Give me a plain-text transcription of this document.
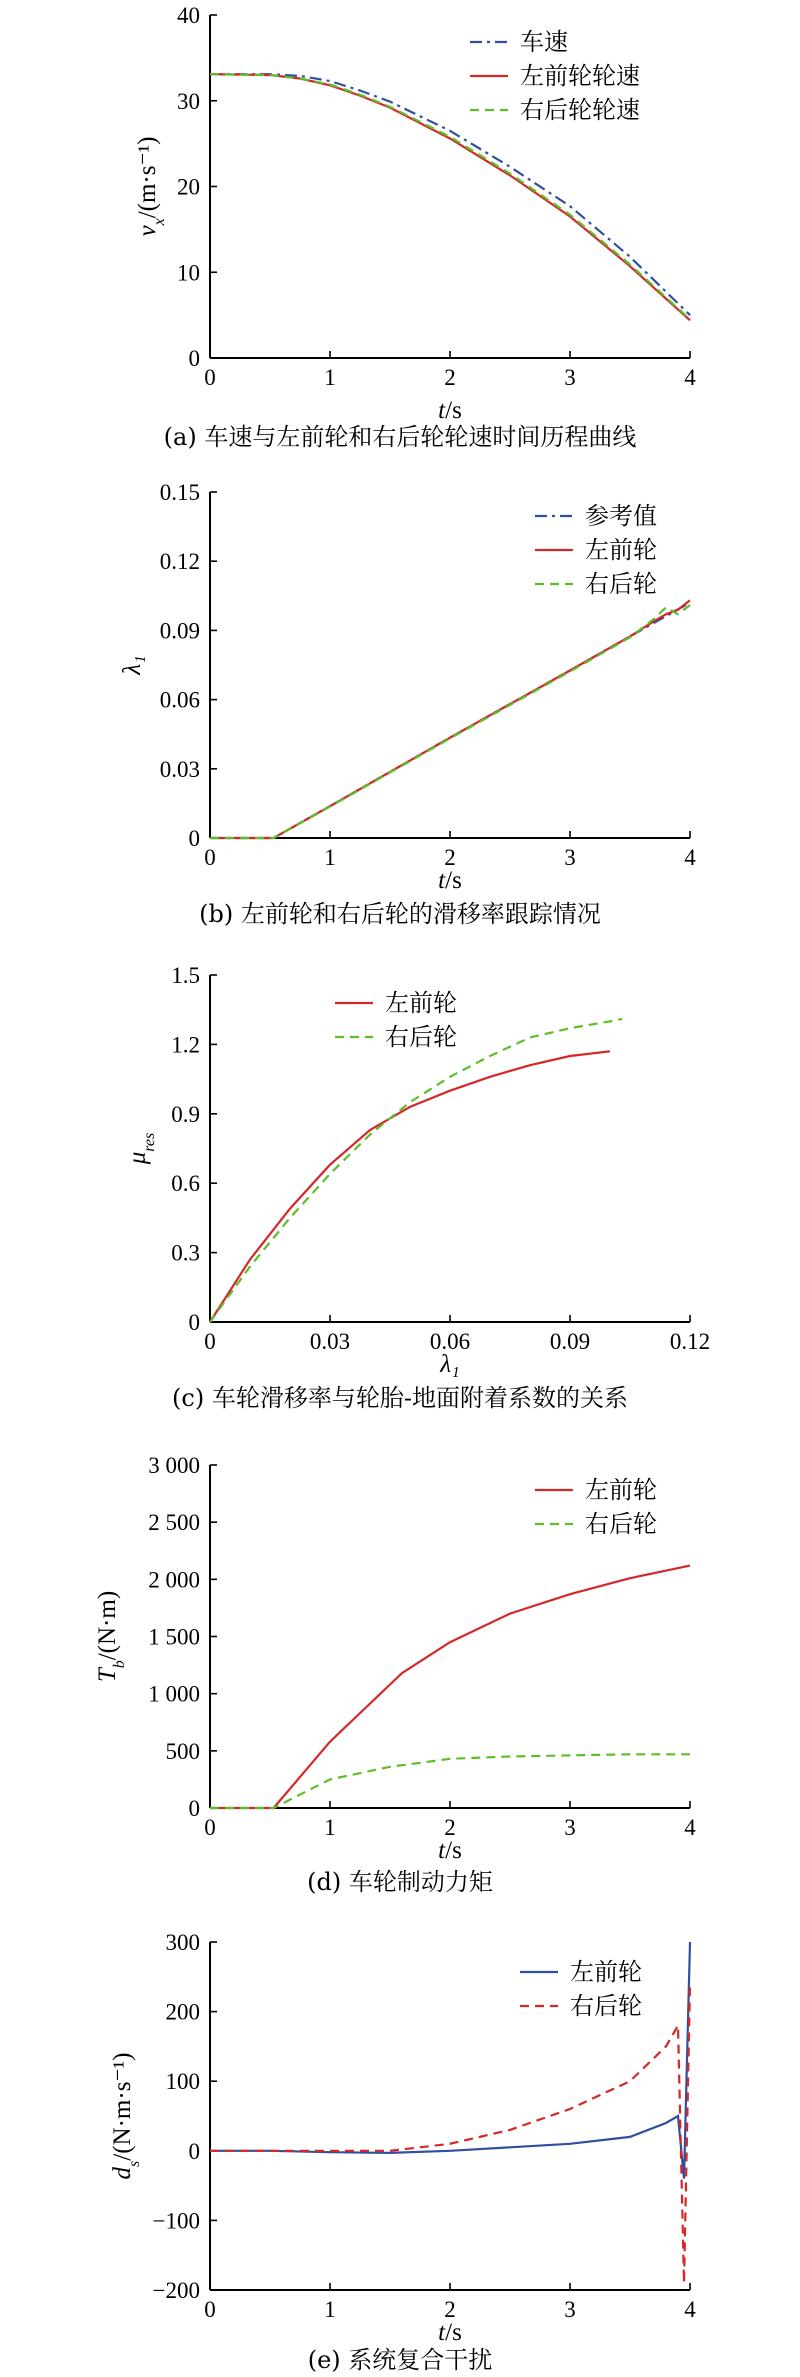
0	1	2	3	4
0
10
20
30
40
t/s
$v_x/(m\cdot s^{-1})$
车速
左前轮轮速
右后轮轮速
(a) 车速与左前轮和右后轮轮速时间历程曲线
0	1	2	3	4
0
0.03
0.06
0.09
0.12
0.15
t/s
λ₁
参考值
左前轮
右后轮
(b) 左前轮和右后轮的滑移率跟踪情况
0	0.03	0.06	0.09	0.12
0
0.3
0.6
0.9
1.2
1.5
λ₁
$\mu_{res}$
左前轮
右后轮
(c) 车轮滑移率与轮胎-地面附着系数的关系
0	1	2	3	4
0
500
1 000
1 500
2 000
2 500
3 000
t/s
$T_b/(N\cdot m)$
左前轮
右后轮
(d) 车轮制动力矩
0	1	2	3	4
−200
−100
0
100
200
300
t/s
$d_s/(N\cdot m\cdot s^{-1})$
左前轮
右后轮
(e) 系统复合干扰
